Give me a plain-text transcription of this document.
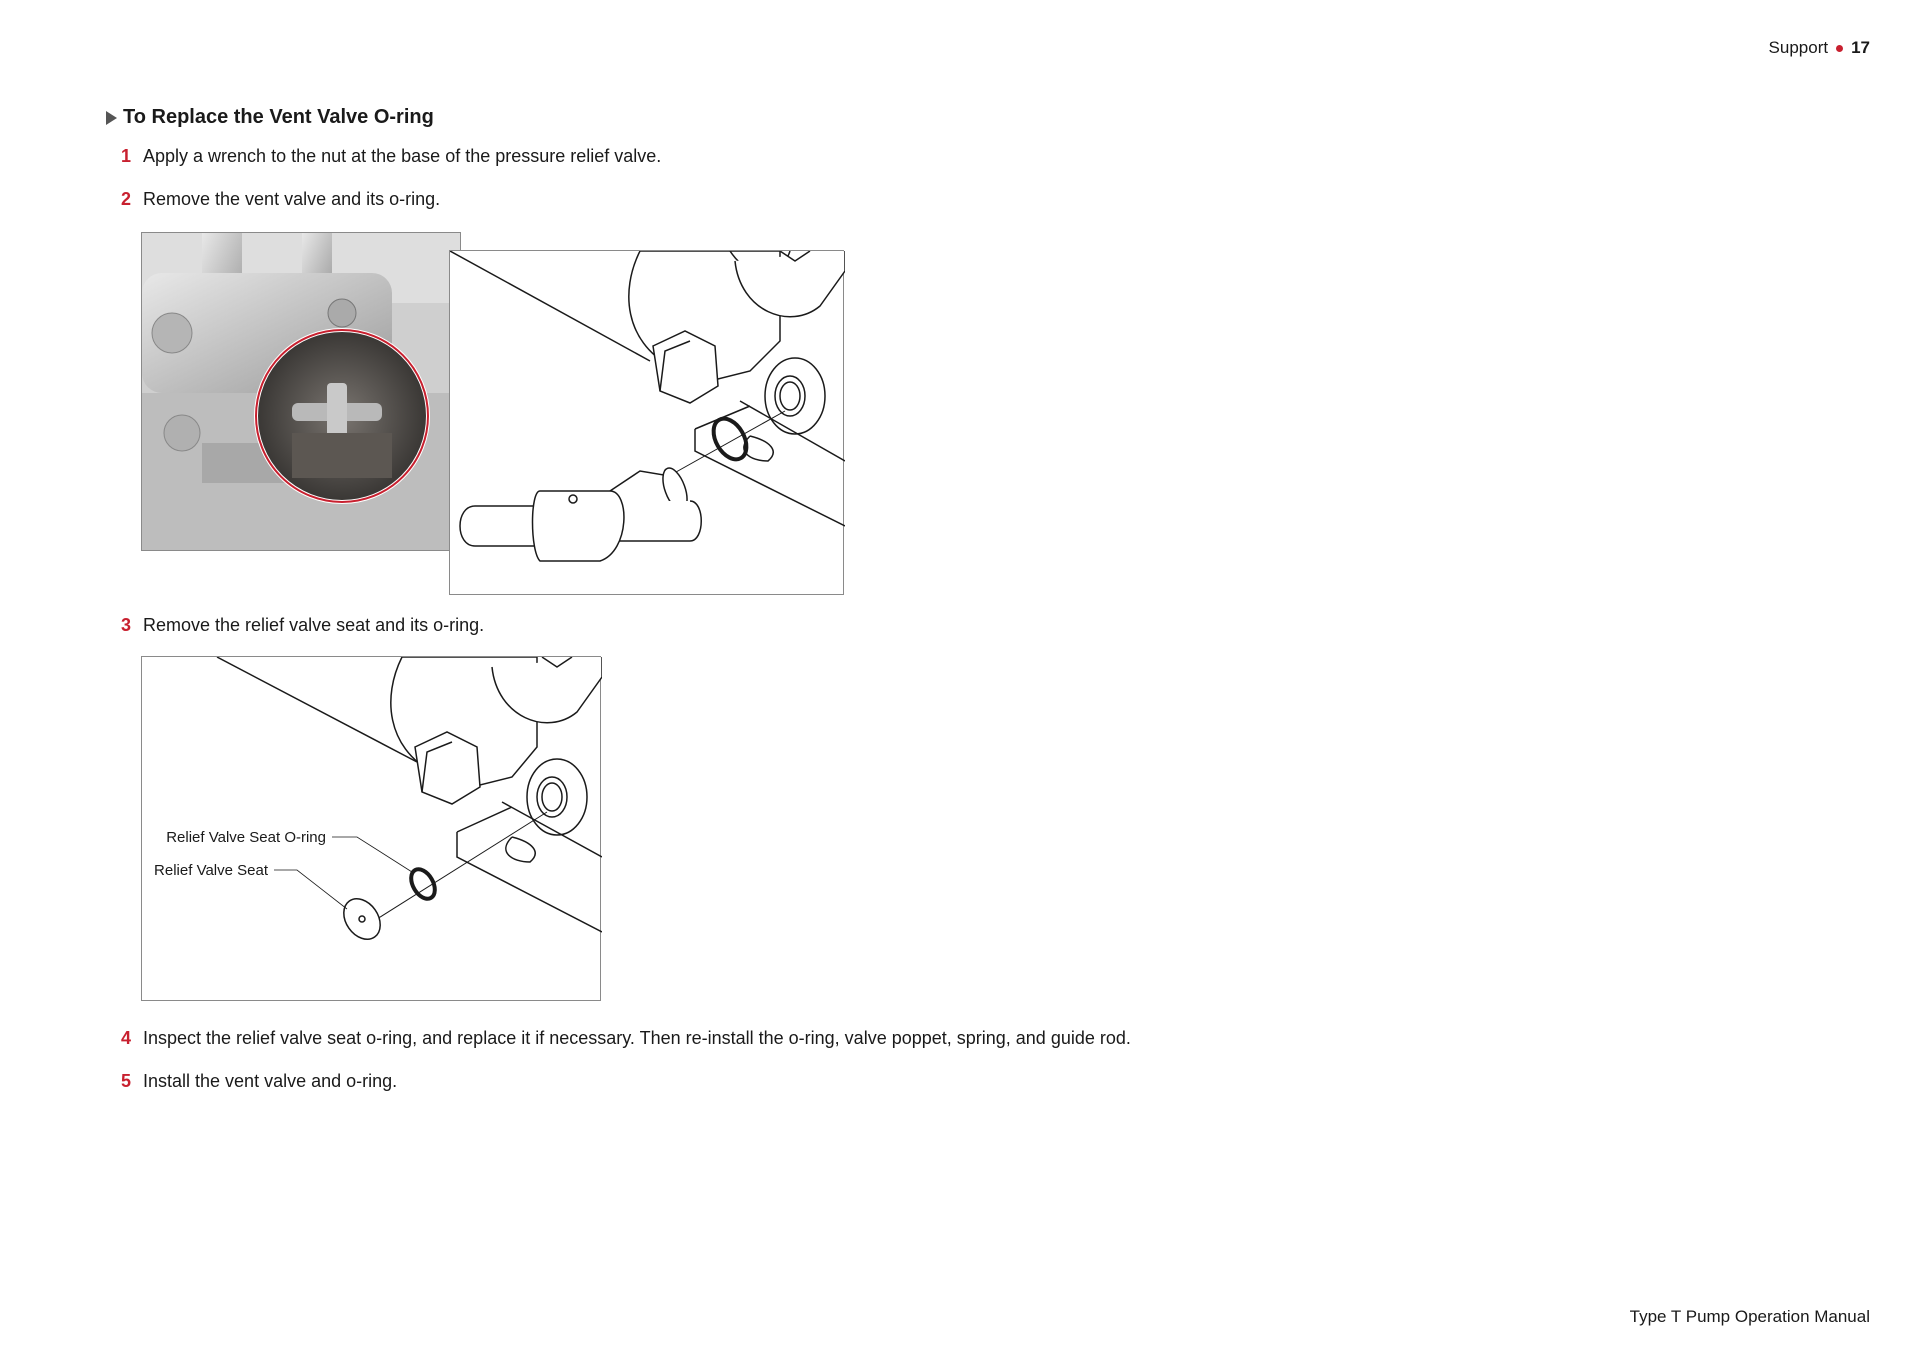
Support 17
To Replace the Vent Valve O-ring
1 Apply a wrench to the nut at the base of the pressure relief valve.
2 Remove the vent valve and its o-ring.
3 Remove the relief valve seat and its o-ring.
Relief Valve Seat O-ring
Relief Valve Seat
4 Inspect the relief valve seat o-ring, and replace it if necessary. Then re-install the o-ring, valve poppet, spring, and guide rod.
5 Install the vent valve and o-ring.
Type T Pump Operation Manual
